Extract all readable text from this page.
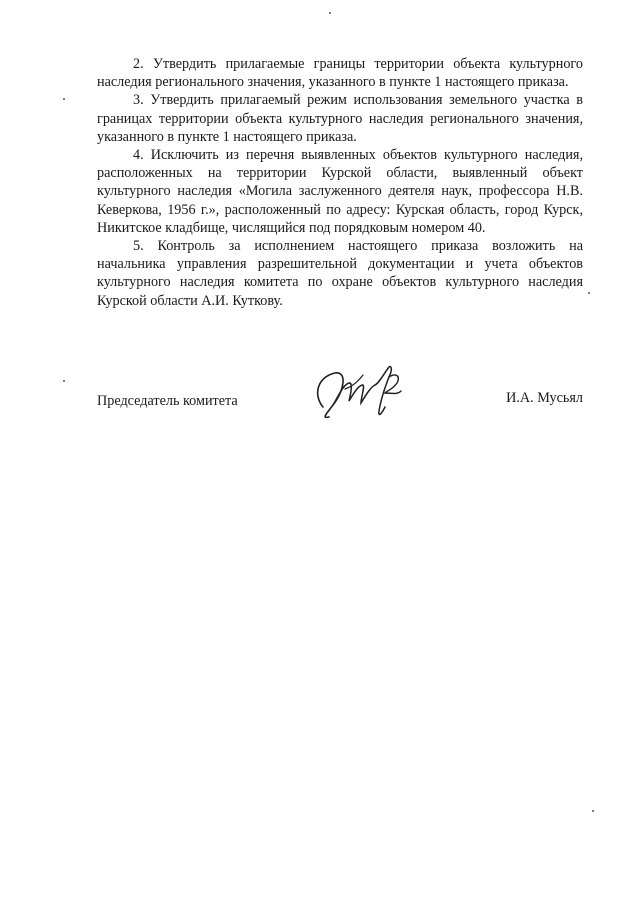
2. Утвердить прилагаемые границы территории объекта культурного наследия регионального значения, указанного в пункте 1 настоящего приказа.

3. Утвердить прилагаемый режим использования земельного участка в границах территории объекта культурного наследия регионального значения, указанного в пункте 1 настоящего приказа.

4. Исключить из перечня выявленных объектов культурного наследия, расположенных на территории Курской области, выявленный объект культурного наследия «Могила заслуженного деятеля наук, профессора Н.В. Кеверкова, 1956 г.», расположенный по адресу: Курская область, город Курск, Никитское кладбище, числящийся под порядковым номером 40.

5. Контроль за исполнением настоящего приказа возложить на начальника управления разрешительной документации и учета объектов культурного наследия комитета по охране объектов культурного наследия Курской области А.И. Куткову.

Председатель комитета	И.А. Мусьял
